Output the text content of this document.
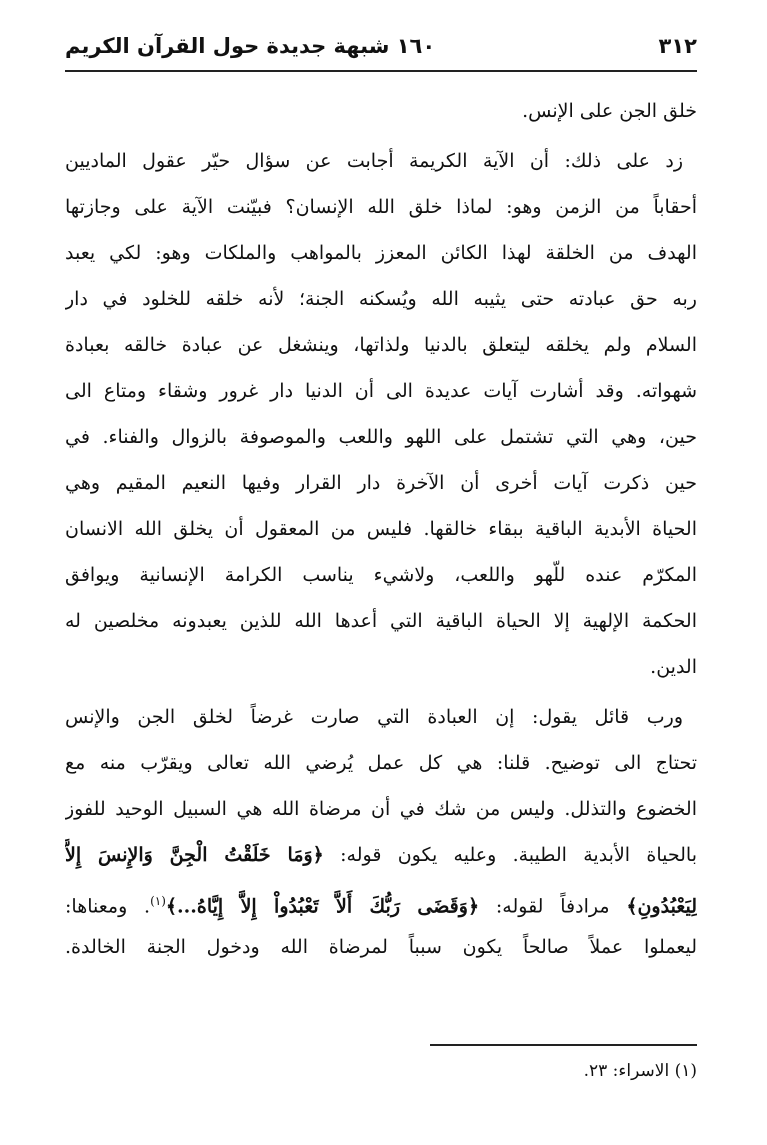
٣١٢
١٦٠ شبهة جديدة حول القرآن الكريم
خلق الجن على الإنس.
زد على ذلك: أن الآية الكريمة أجابت عن سؤال حيّر عقول الماديين
أحقاباً من الزمن وهو: لماذا خلق الله الإنسان؟ فبيّنت الآية على وجازتها
الهدف من الخلقة لهذا الكائن المعزز بالمواهب والملكات وهو: لكي يعبد
ربه حق عبادته حتى يثيبه الله ويُسكنه الجنة؛ لأنه خلقه للخلود في دار
السلام ولم يخلقه ليتعلق بالدنيا ولذاتها، وينشغل عن عبادة خالقه بعبادة
شهواته. وقد أشارت آيات عديدة الى أن الدنيا دار غرور وشقاء ومتاع الى
حين، وهي التي تشتمل على اللهو واللعب والموصوفة بالزوال والفناء. في
حين ذكرت آيات أخرى أن الآخرة دار القرار وفيها النعيم المقيم وهي
الحياة الأبدية الباقية ببقاء خالقها. فليس من المعقول أن يخلق الله الانسان
المكرّم عنده للّهو واللعب، ولاشيء يناسب الكرامة الإنسانية ويوافق
الحكمة الإلهية إلا الحياة الباقية التي أعدها الله للذين يعبدونه مخلصين له
الدين.
ورب قائل يقول: إن العبادة التي صارت غرضاً لخلق الجن والإنس
تحتاج الى توضيح. قلنا: هي كل عمل يُرضي الله تعالى ويقرّب منه مع
الخضوع والتذلل. وليس من شك في أن مرضاة الله هي السبيل الوحيد للفوز
بالحياة الأبدية الطيبة. وعليه يكون قوله: ﴿وَمَا خَلَقْتُ الْجِنَّ وَالإِنسَ إِلاَّ
لِيَعْبُدُونِ﴾ مرادفاً لقوله: ﴿وَقَضَى رَبُّكَ أَلاَّ تَعْبُدُواْ إِلاَّ إِيَّاهُ...﴾$^{(١)}$. ومعناها:
ليعملوا عملاً صالحاً يكون سبباً لمرضاة الله ودخول الجنة الخالدة.
(١) الاسراء: ٢٣.
